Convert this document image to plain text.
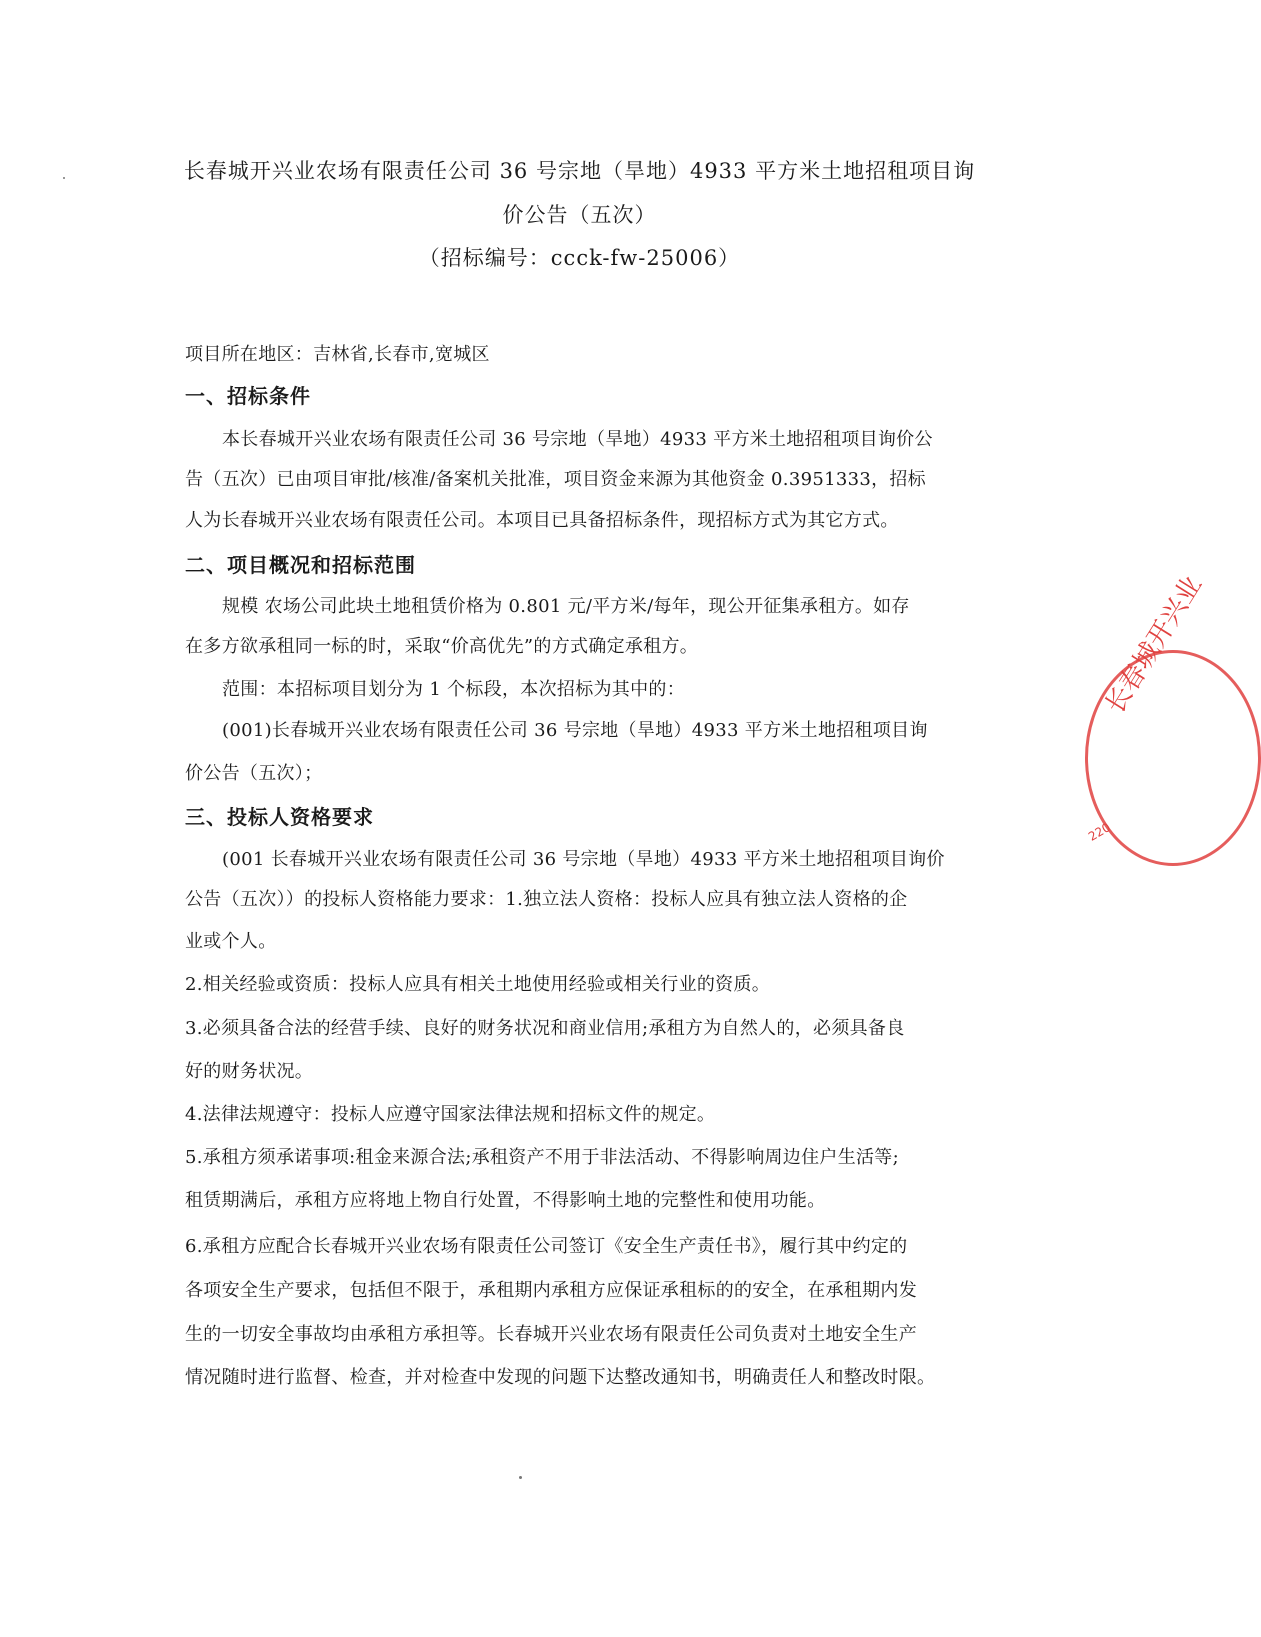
长春城开兴业农场有限责任公司 36 号宗地（旱地）4933 平方米土地招租项目询
价公告（五次）
（招标编号：ccck-fw-25006）
项目所在地区：吉林省,长春市,宽城区
一、招标条件
本长春城开兴业农场有限责任公司 36 号宗地（旱地）4933 平方米土地招租项目询价公
告（五次）已由项目审批/核准/备案机关批准，项目资金来源为其他资金 0.3951333，招标
人为长春城开兴业农场有限责任公司。本项目已具备招标条件，现招标方式为其它方式。
二、项目概况和招标范围
规模 农场公司此块土地租赁价格为 0.801 元/平方米/每年，现公开征集承租方。如存
在多方欲承租同一标的时，采取“价高优先”的方式确定承租方。
范围：本招标项目划分为 1 个标段，本次招标为其中的：
(001)长春城开兴业农场有限责任公司 36 号宗地（旱地）4933 平方米土地招租项目询
价公告（五次）；
三、投标人资格要求
(001 长春城开兴业农场有限责任公司 36 号宗地（旱地）4933 平方米土地招租项目询价
公告（五次））的投标人资格能力要求：1.独立法人资格：投标人应具有独立法人资格的企
业或个人。
2.相关经验或资质：投标人应具有相关土地使用经验或相关行业的资质。
3.必须具备合法的经营手续、良好的财务状况和商业信用;承租方为自然人的，必须具备良
好的财务状况。
4.法律法规遵守：投标人应遵守国家法律法规和招标文件的规定。
5.承租方须承诺事项:租金来源合法;承租资产不用于非法活动、不得影响周边住户生活等;
租赁期满后，承租方应将地上物自行处置，不得影响土地的完整性和使用功能。
6.承租方应配合长春城开兴业农场有限责任公司签订《安全生产责任书》，履行其中约定的
各项安全生产要求，包括但不限于，承租期内承租方应保证承租标的的安全，在承租期内发
生的一切安全事故均由承租方承担等。长春城开兴业农场有限责任公司负责对土地安全生产
情况随时进行监督、检查，并对检查中发现的问题下达整改通知书，明确责任人和整改时限。
长春城开兴业
220
